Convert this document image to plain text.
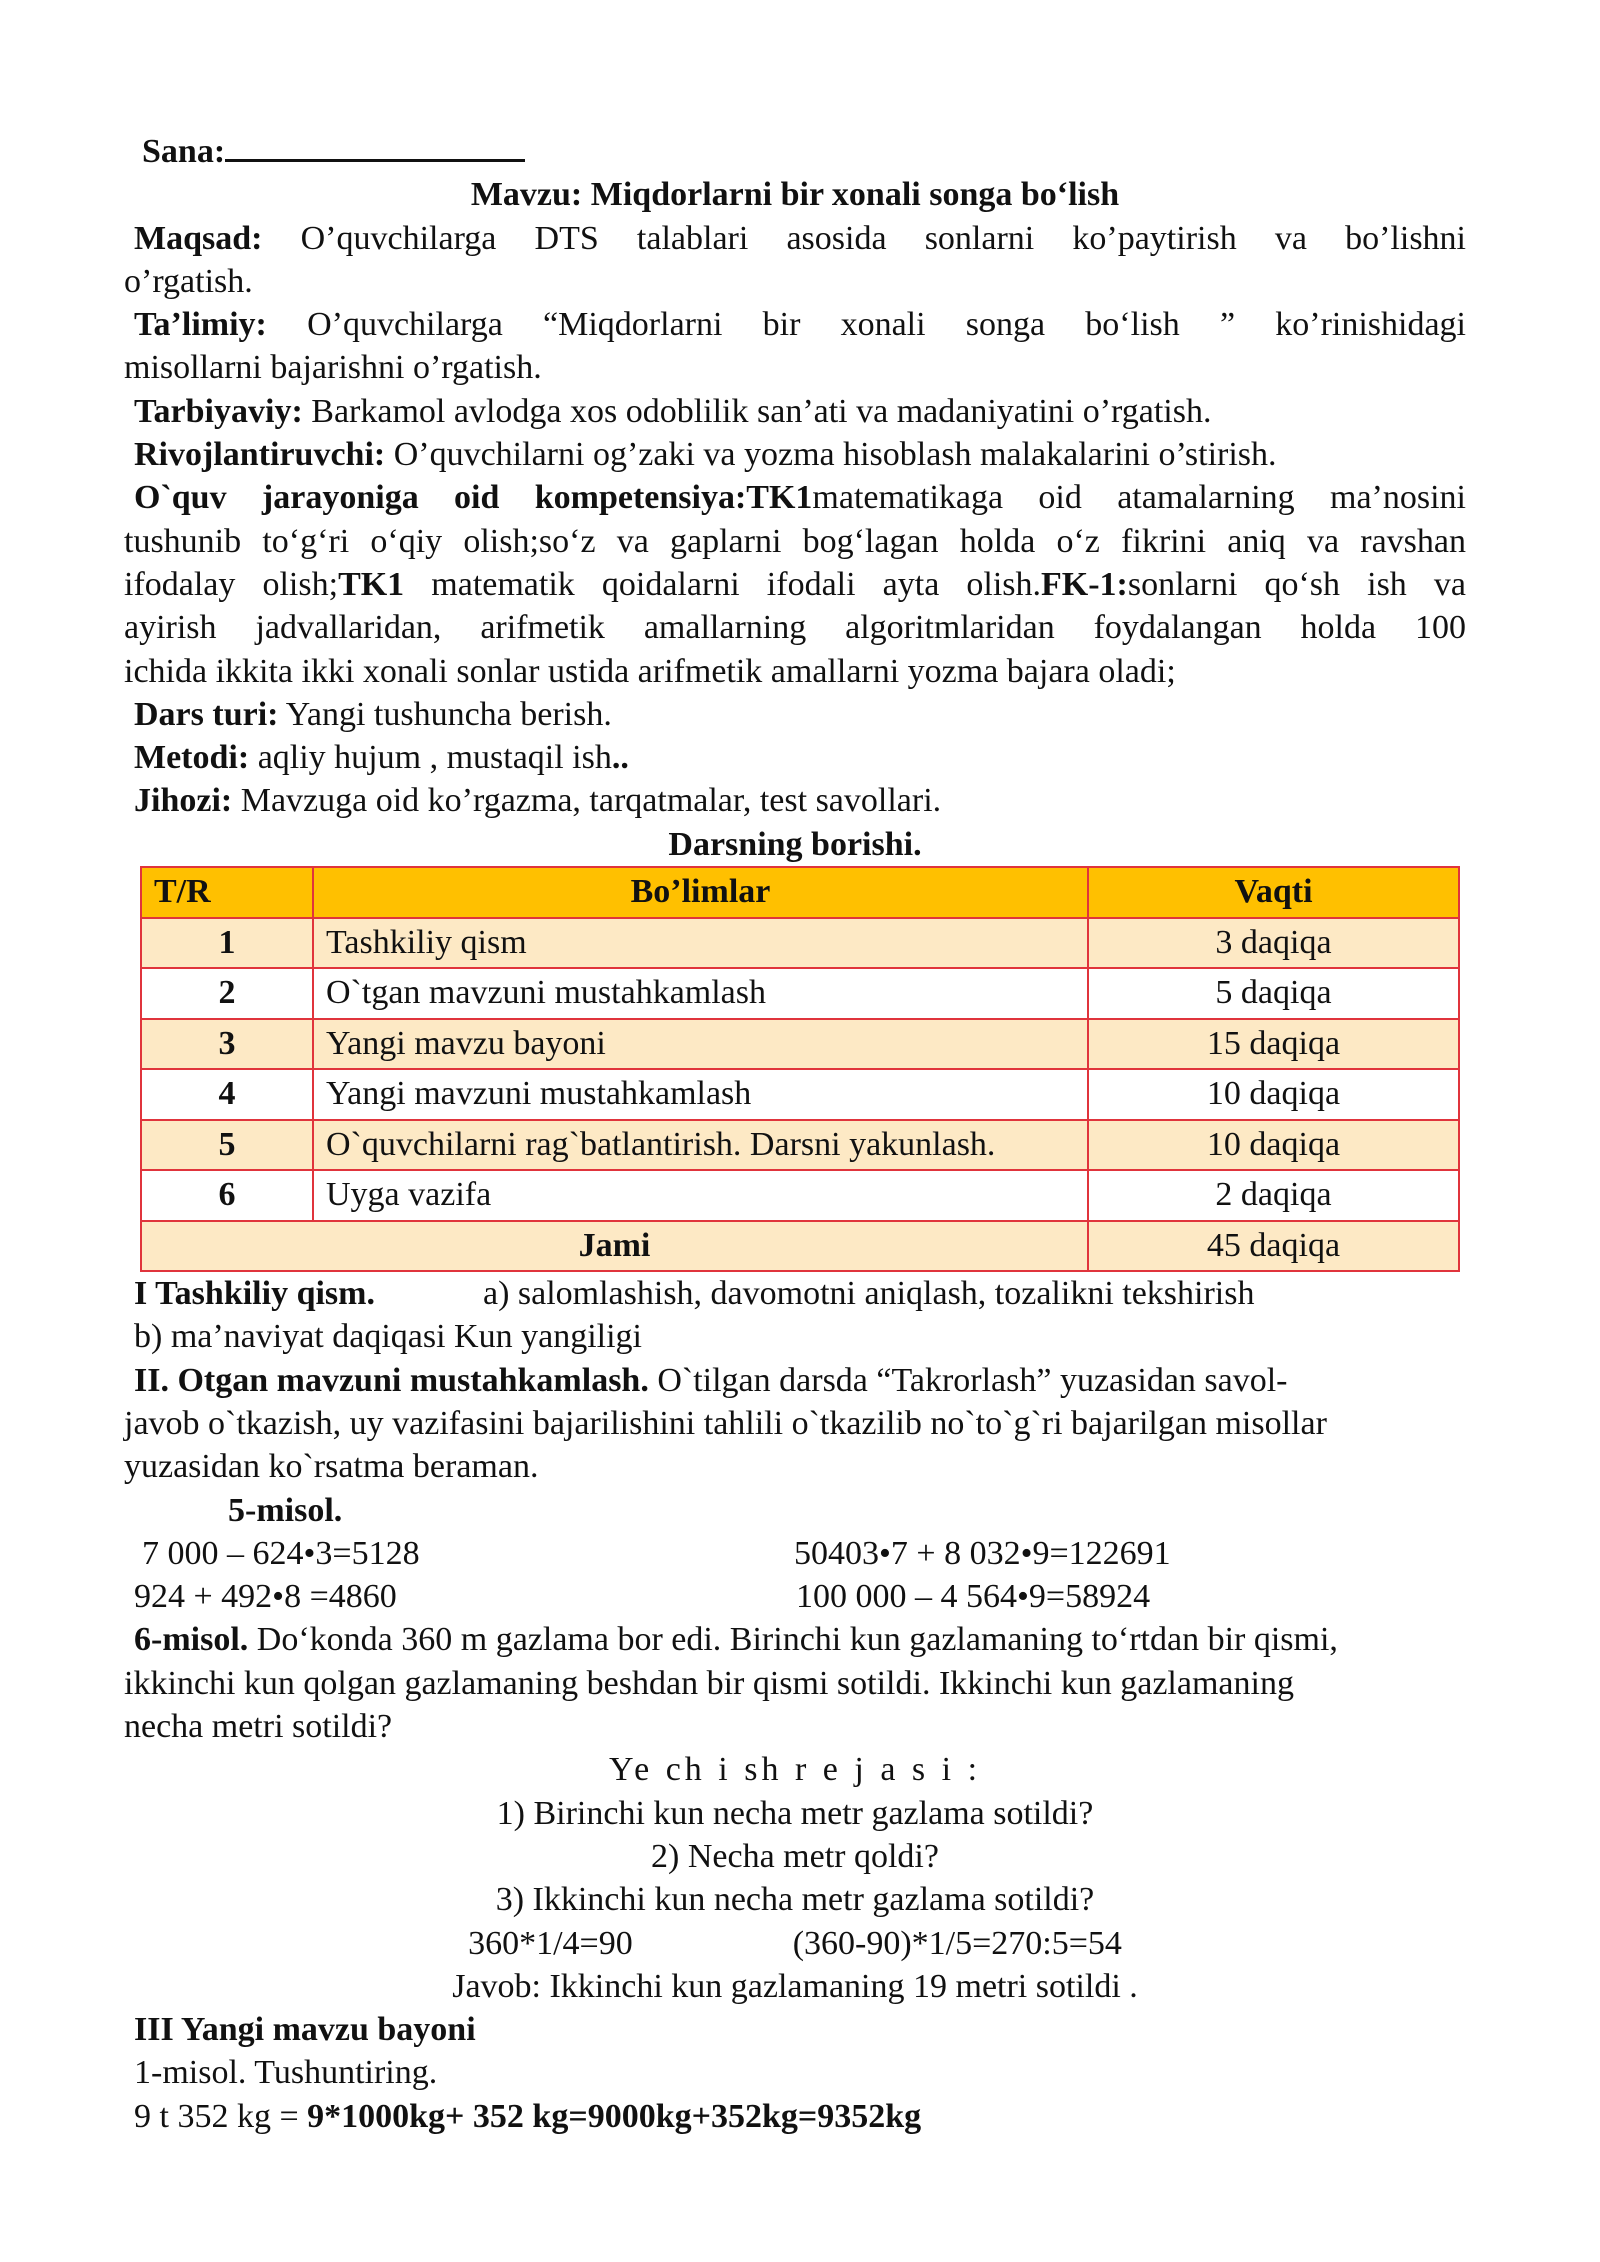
Sana:

Mavzu: Miqdorlarni bir xonali songa bo‘lish

Maqsad: O’quvchilarga DTS talablari asosida sonlarni ko’paytirish va bo’lishni

o’rgatish.

Ta’limiy: O’quvchilarga “Miqdorlarni bir xonali songa bo‘lish ” ko’rinishidagi

misollarni bajarishni o’rgatish.

Tarbiyaviy: Barkamol avlodga xos odoblilik san’ati va madaniyatini o’rgatish.

Rivojlantiruvchi: O’quvchilarni og’zaki va yozma hisoblash malakalarini o’stirish.

O`quv jarayoniga oid kompetensiya:TK1matematikaga oid atamalarning ma’nosini

tushunib to‘g‘ri o‘qiy olish;so‘z va gaplarni bog‘lagan holda o‘z fikrini aniq va ravshan

ifodalay olish;TK1 matematik qoidalarni ifodali ayta olish.FK-1:sonlarni qo‘sh ish va

ayirish jadvallaridan, arifmetik amallarning algoritmlaridan foydalangan holda 100

ichida ikkita ikki xonali sonlar ustida arifmetik amallarni yozma bajara oladi;

Dars turi: Yangi tushuncha berish.

Metodi: aqliy hujum , mustaqil ish..

Jihozi: Mavzuga oid ko’rgazma, tarqatmalar, test savollari.

Darsning borishi.

T/R	Bo’limlar	Vaqti
1	Tashkiliy qism	3 daqiqa
2	O`tgan mavzuni mustahkamlash	5 daqiqa
3	Yangi mavzu bayoni	15 daqiqa
4	Yangi mavzuni mustahkamlash	10 daqiqa
5	O`quvchilarni rag`batlantirish. Darsni yakunlash.	10 daqiqa
6	Uyga vazifa	2 daqiqa
Jami		45 daqiqa

I Tashkiliy qism.	a) salomlashish, davomotni aniqlash, tozalikni tekshirish

b) ma’naviyat daqiqasi Kun yangiligi

II. Otgan mavzuni mustahkamlash. O`tilgan darsda “Takrorlash” yuzasidan savol-

javob o`tkazish, uy vazifasini bajarilishini tahlili o`tkazilib no`to`g`ri bajarilgan misollar

yuzasidan ko`rsatma beraman.

5-misol.

7 000 – 624•3=5128	50403•7 + 8 032•9=122691
924 + 492•8 =4860	100 000 – 4 564•9=58924

6-misol. Do‘konda 360 m gazlama bor edi. Birinchi kun gazlamaning to‘rtdan bir qismi,

ikkinchi kun qolgan gazlamaning beshdan bir qismi sotildi. Ikkinchi kun gazlamaning

necha metri sotildi?

Ye ch i sh r e j a s i :

1) Birinchi kun necha metr gazlama sotildi?

2) Necha metr qoldi?

3) Ikkinchi kun necha metr gazlama sotildi?

360*1/4=90	(360-90)*1/5=270:5=54

Javob: Ikkinchi kun gazlamaning 19 metri sotildi .

III Yangi mavzu bayoni

1-misol. Tushuntiring.

9 t 352 kg = 9*1000kg+ 352 kg=9000kg+352kg=9352kg
